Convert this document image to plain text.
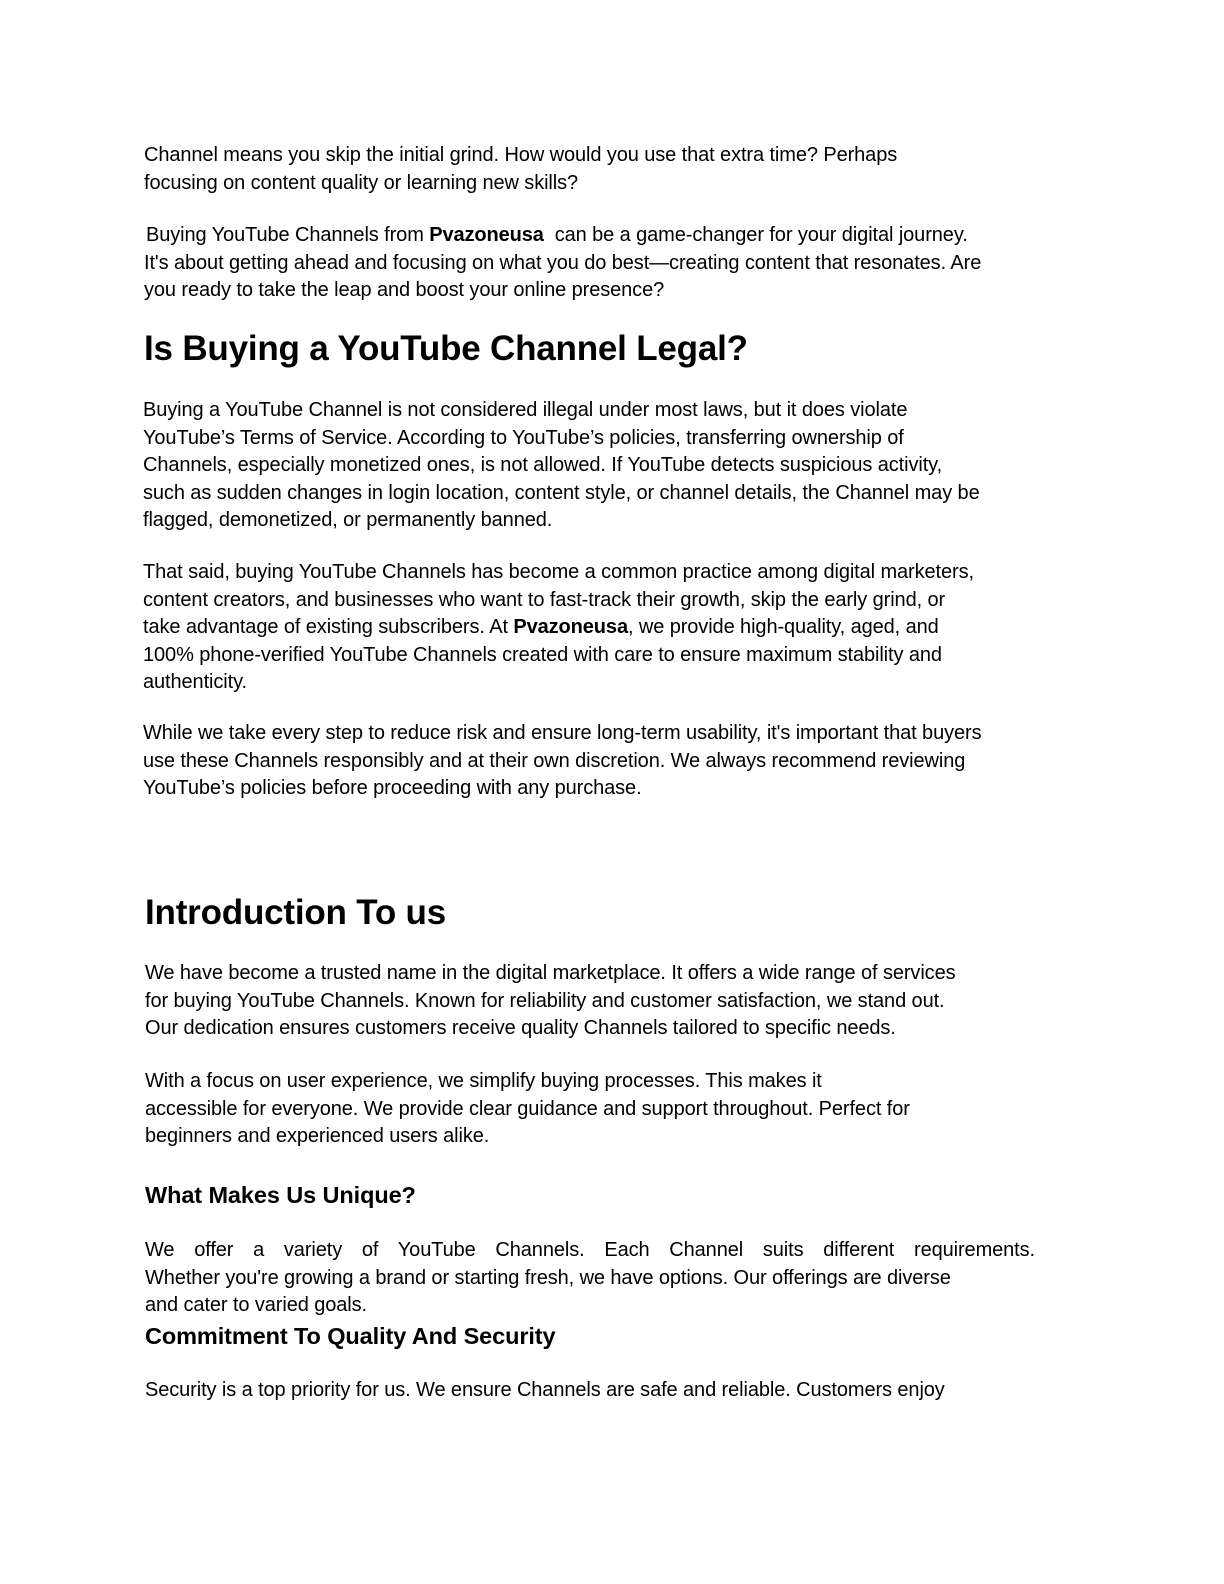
Channel means you skip the initial grind. How would you use that extra time? Perhaps
focusing on content quality or learning new skills?
Buying YouTube Channels from Pvazoneusa  can be a game-changer for your digital journey.
It's about getting ahead and focusing on what you do best—creating content that resonates. Are
you ready to take the leap and boost your online presence?
Is Buying a YouTube Channel Legal?
Buying a YouTube Channel is not considered illegal under most laws, but it does violate
YouTube’s Terms of Service. According to YouTube’s policies, transferring ownership of
Channels, especially monetized ones, is not allowed. If YouTube detects suspicious activity,
such as sudden changes in login location, content style, or channel details, the Channel may be
flagged, demonetized, or permanently banned.
That said, buying YouTube Channels has become a common practice among digital marketers,
content creators, and businesses who want to fast-track their growth, skip the early grind, or
take advantage of existing subscribers. At Pvazoneusa, we provide high-quality, aged, and
100% phone-verified YouTube Channels created with care to ensure maximum stability and
authenticity.
While we take every step to reduce risk and ensure long-term usability, it's important that buyers
use these Channels responsibly and at their own discretion. We always recommend reviewing
YouTube’s policies before proceeding with any purchase.
Introduction To us
We have become a trusted name in the digital marketplace. It offers a wide range of services
for buying YouTube Channels. Known for reliability and customer satisfaction, we stand out.
Our dedication ensures customers receive quality Channels tailored to specific needs.
With a focus on user experience, we simplify buying processes. This makes it
accessible for everyone. We provide clear guidance and support throughout. Perfect for
beginners and experienced users alike.
What Makes Us Unique?
We offer a variety of YouTube Channels. Each Channel suits different requirements.
Whether you're growing a brand or starting fresh, we have options. Our offerings are diverse
and cater to varied goals.
Commitment To Quality And Security
Security is a top priority for us. We ensure Channels are safe and reliable. Customers enjoy
